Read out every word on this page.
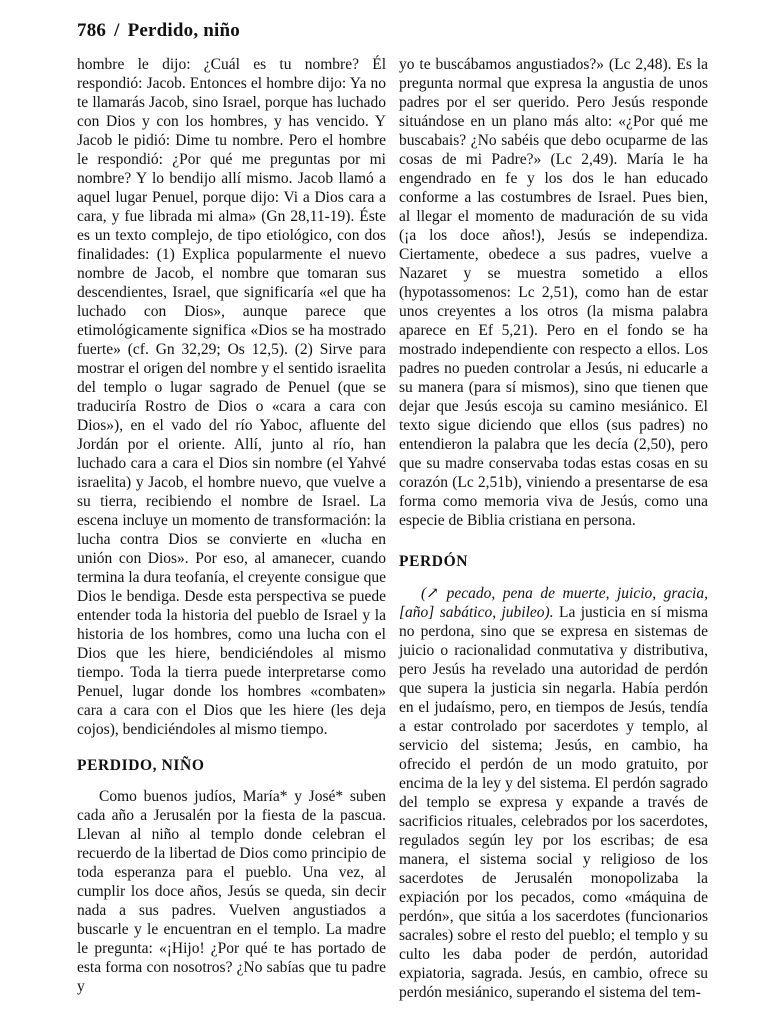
786 / Perdido, niño

hombre le dijo: ¿Cuál es tu nombre? Él respondió: Jacob. Entonces el hombre dijo: Ya no te llamarás Jacob, sino Israel, porque has luchado con Dios y con los hombres, y has vencido. Y Jacob le pidió: Dime tu nombre. Pero el hombre le respondió: ¿Por qué me preguntas por mi nombre? Y lo bendijo allí mismo. Jacob llamó a aquel lugar Penuel, porque dijo: Vi a Dios cara a cara, y fue librada mi alma» (Gn 28,11-19). Éste es un texto complejo, de tipo etiológico, con dos finalidades: (1) Explica popularmente el nuevo nombre de Jacob, el nombre que tomaran sus descendientes, Israel, que significaría «el que ha luchado con Dios», aunque parece que etimológicamente significa «Dios se ha mostrado fuerte» (cf. Gn 32,29; Os 12,5). (2) Sirve para mostrar el origen del nombre y el sentido israelita del templo o lugar sagrado de Penuel (que se traduciría Rostro de Dios o «cara a cara con Dios»), en el vado del río Yaboc, afluente del Jordán por el oriente. Allí, junto al río, han luchado cara a cara el Dios sin nombre (el Yahvé israelita) y Jacob, el hombre nuevo, que vuelve a su tierra, recibiendo el nombre de Israel. La escena incluye un momento de transformación: la lucha contra Dios se convierte en «lucha en unión con Dios». Por eso, al amanecer, cuando termina la dura teofanía, el creyente consigue que Dios le bendiga. Desde esta perspectiva se puede entender toda la historia del pueblo de Israel y la historia de los hombres, como una lucha con el Dios que les hiere, bendiciéndoles al mismo tiempo. Toda la tierra puede interpretarse como Penuel, lugar donde los hombres «combaten» cara a cara con el Dios que les hiere (les deja cojos), bendiciéndoles al mismo tiempo.

PERDIDO, NIÑO

Como buenos judíos, María* y José* suben cada año a Jerusalén por la fiesta de la pascua. Llevan al niño al templo donde celebran el recuerdo de la libertad de Dios como principio de toda esperanza para el pueblo. Una vez, al cumplir los doce años, Jesús se queda, sin decir nada a sus padres. Vuelven angustiados a buscarle y le encuentran en el templo. La madre le pregunta: «¡Hijo! ¿Por qué te has portado de esta forma con nosotros? ¿No sabías que tu padre y

yo te buscábamos angustiados?» (Lc 2,48). Es la pregunta normal que expresa la angustia de unos padres por el ser querido. Pero Jesús responde situándose en un plano más alto: «¿Por qué me buscabais? ¿No sabéis que debo ocuparme de las cosas de mi Padre?» (Lc 2,49). María le ha engendrado en fe y los dos le han educado conforme a las costumbres de Israel. Pues bien, al llegar el momento de maduración de su vida (¡a los doce años!), Jesús se independiza. Ciertamente, obedece a sus padres, vuelve a Nazaret y se muestra sometido a ellos (hypotassomenos: Lc 2,51), como han de estar unos creyentes a los otros (la misma palabra aparece en Ef 5,21). Pero en el fondo se ha mostrado independiente con respecto a ellos. Los padres no pueden controlar a Jesús, ni educarle a su manera (para sí mismos), sino que tienen que dejar que Jesús escoja su camino mesiánico. El texto sigue diciendo que ellos (sus padres) no entendieron la palabra que les decía (2,50), pero que su madre conservaba todas estas cosas en su corazón (Lc 2,51b), viniendo a presentarse de esa forma como memoria viva de Jesús, como una especie de Biblia cristiana en persona.

PERDÓN

(↗ pecado, pena de muerte, juicio, gracia, [año] sabático, jubileo). La justicia en sí misma no perdona, sino que se expresa en sistemas de juicio o racionalidad conmutativa y distributiva, pero Jesús ha revelado una autoridad de perdón que supera la justicia sin negarla. Había perdón en el judaísmo, pero, en tiempos de Jesús, tendía a estar controlado por sacerdotes y templo, al servicio del sistema; Jesús, en cambio, ha ofrecido el perdón de un modo gratuito, por encima de la ley y del sistema. El perdón sagrado del templo se expresa y expande a través de sacrificios rituales, celebrados por los sacerdotes, regulados según ley por los escribas; de esa manera, el sistema social y religioso de los sacerdotes de Jerusalén monopolizaba la expiación por los pecados, como «máquina de perdón», que sitúa a los sacerdotes (funcionarios sacrales) sobre el resto del pueblo; el templo y su culto les daba poder de perdón, autoridad expiatoria, sagrada. Jesús, en cambio, ofrece su perdón mesiánico, superando el sistema del tem-
